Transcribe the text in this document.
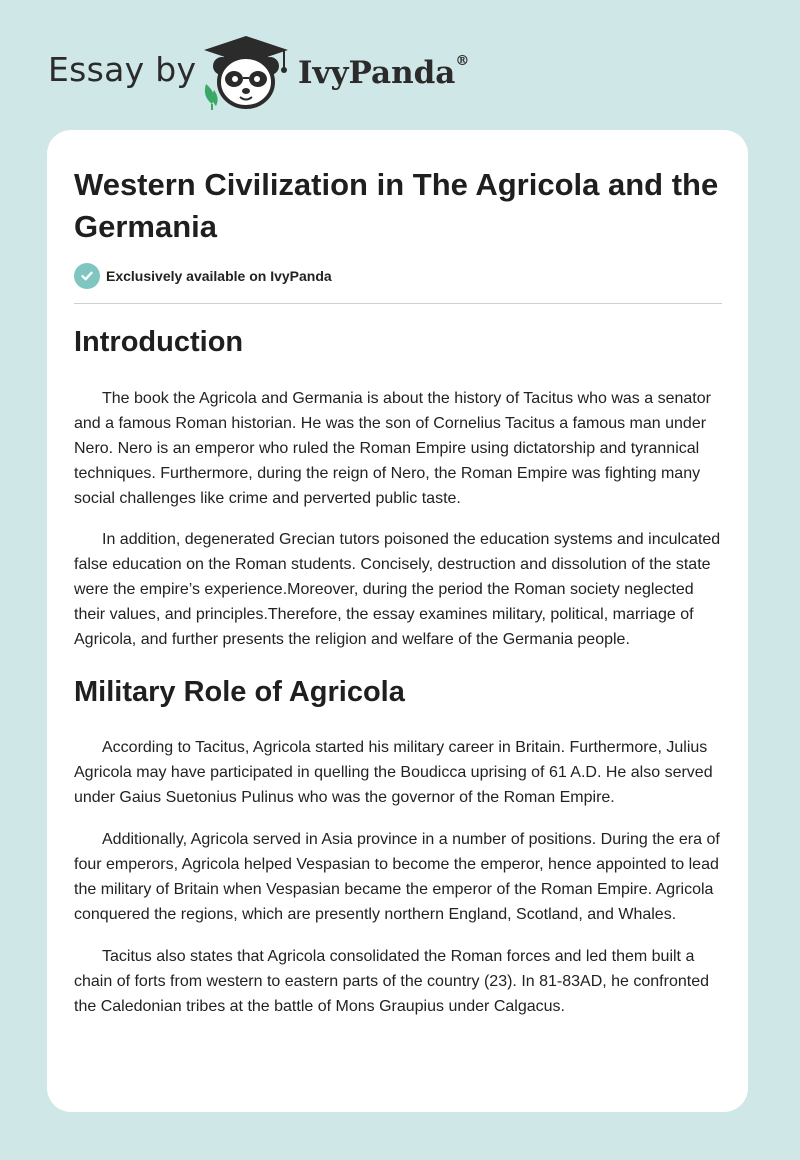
Essay by	IvyPanda®
Western Civilization in The Agricola and the Germania
Exclusively available on IvyPanda
Introduction

The book the Agricola and Germania is about the history of Tacitus who was a senator and a famous Roman historian. He was the son of Cornelius Tacitus a famous man under Nero. Nero is an emperor who ruled the Roman Empire using dictatorship and tyrannical techniques. Furthermore, during the reign of Nero, the Roman Empire was fighting many social challenges like crime and perverted public taste.

In addition, degenerated Grecian tutors poisoned the education systems and inculcated false education on the Roman students. Concisely, destruction and dissolution of the state were the empire’s experience.Moreover, during the period the Roman society neglected their values, and principles.Therefore, the essay examines military, political, marriage of Agricola, and further presents the religion and welfare of the Germania people.

Military Role of Agricola

According to Tacitus, Agricola started his military career in Britain. Furthermore, Julius Agricola may have participated in quelling the Boudicca uprising of 61 A.D. He also served under Gaius Suetonius Pulinus who was the governor of the Roman Empire.

Additionally, Agricola served in Asia province in a number of positions. During the era of four emperors, Agricola helped Vespasian to become the emperor, hence appointed to lead the military of Britain when Vespasian became the emperor of the Roman Empire. Agricola conquered the regions, which are presently northern England, Scotland, and Whales.

Tacitus also states that Agricola consolidated the Roman forces and led them built a chain of forts from western to eastern parts of the country (23). In 81-83AD, he confronted the Caledonian tribes at the battle of Mons Graupius under Calgacus.
